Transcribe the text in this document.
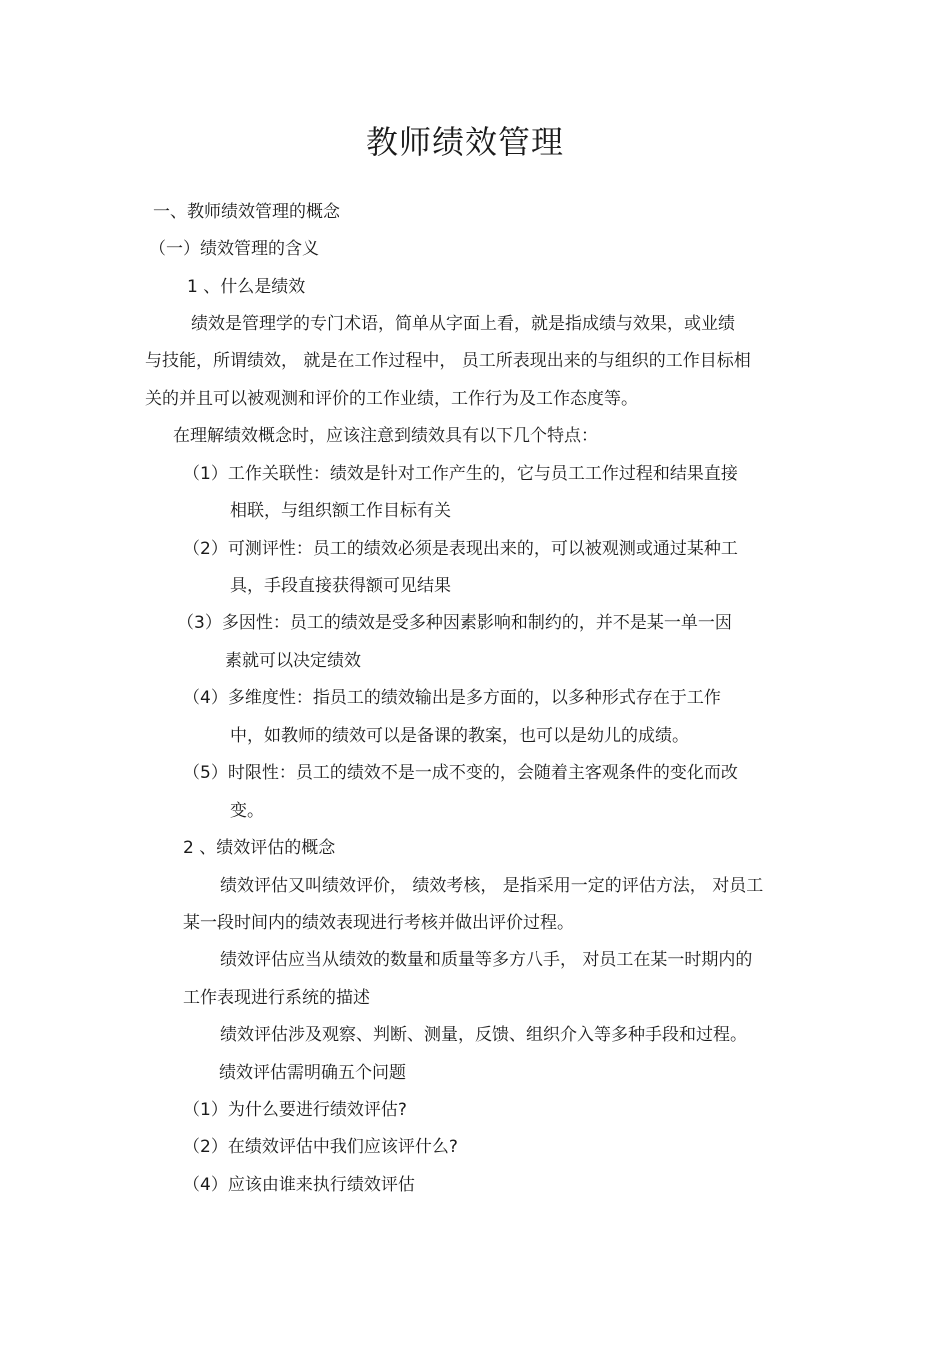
教师绩效管理
一、教师绩效管理的概念
（一）绩效管理的含义
1 、什么是绩效
绩效是管理学的专门术语，简单从字面上看，就是指成绩与效果，或业绩
与技能，所谓绩效， 就是在工作过程中， 员工所表现出来的与组织的工作目标相
关的并且可以被观测和评价的工作业绩，工作行为及工作态度等。
在理解绩效概念时，应该注意到绩效具有以下几个特点：
（1）工作关联性：绩效是针对工作产生的，它与员工工作过程和结果直接
相联，与组织额工作目标有关
（2）可测评性：员工的绩效必须是表现出来的，可以被观测或通过某种工
具，手段直接获得额可见结果
（3）多因性：员工的绩效是受多种因素影响和制约的，并不是某一单一因
素就可以决定绩效
（4）多维度性：指员工的绩效输出是多方面的，以多种形式存在于工作
中，如教师的绩效可以是备课的教案，也可以是幼儿的成绩。
（5）时限性：员工的绩效不是一成不变的，会随着主客观条件的变化而改
变。
2 、绩效评估的概念
绩效评估又叫绩效评价， 绩效考核， 是指采用一定的评估方法， 对员工
某一段时间内的绩效表现进行考核并做出评价过程。
绩效评估应当从绩效的数量和质量等多方八手， 对员工在某一时期内的
工作表现进行系统的描述
绩效评估涉及观察、判断、测量，反馈、组织介入等多种手段和过程。
绩效评估需明确五个问题
（1）为什么要进行绩效评估?
（2）在绩效评估中我们应该评什么?
（4）应该由谁来执行绩效评估
